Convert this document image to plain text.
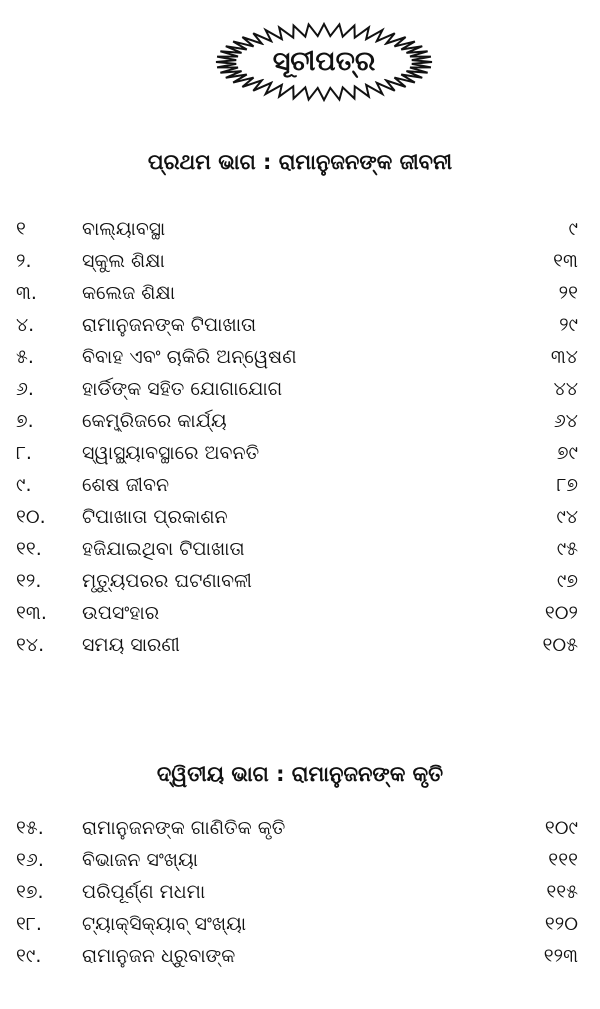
ସୂଚୀପତ୍ର
ପ୍ରଥମ ଭାଗ : ରାମାନୁଜନଙ୍କ ଜୀବନୀ
୧	ବାଲ୍ୟାବସ୍ଥା	୯
୨.	ସ୍କୁଲ ଶିକ୍ଷା	୧୩
୩.	କଲେଜ ଶିକ୍ଷା	୨୧
୪.	ରାମାନୁଜନଙ୍କ ଟିପାଖାତା	୨୯
୫.	ବିବାହ ଏବଂ ଚାକିରି ଅନ୍ୱେଷଣ	୩୪
୬.	ହାର୍ଡିଙ୍କ ସହିତ ଯୋଗାଯୋଗ	୪୪
୭.	କେମ୍ବ୍ରିଜରେ କାର୍ଯ୍ୟ	୬୪
୮.	ସ୍ୱାସ୍ଥ୍ୟାବସ୍ଥାରେ ଅବନତି	୭୯
୯.	ଶେଷ ଜୀବନ	୮୭
୧୦.	ଟିପାଖାତା ପ୍ରକାଶନ	୯୪
୧୧.	ହଜିଯାଇଥିବା ଟିପାଖାତା	୯୫
୧୨.	ମୃତ୍ୟୁପରର ଘଟଣାବଳୀ	୯୭
୧୩.	ଉପସଂହାର	୧୦୨
୧୪.	ସମୟ ସାରଣୀ	୧୦୫
ଦ୍ୱିତୀୟ ଭାଗ : ରାମାନୁଜନଙ୍କ କୃତି
୧୫.	ରାମାନୁଜନଙ୍କ ଗାଣିତିକ କୃତି	୧୦୯
୧୬.	ବିଭାଜନ ସଂଖ୍ୟା	୧୧୧
୧୭.	ପରିପୂର୍ଣ୍ଣ ମଧମା	୧୧୫
୧୮.	ଟ୍ୟାକ୍‌ସିକ୍ୟାବ୍ ସଂଖ୍ୟା	୧୨୦
୧୯.	ରାମାନୁଜନ ଧ୍ରୁବାଙ୍କ	୧୨୩
